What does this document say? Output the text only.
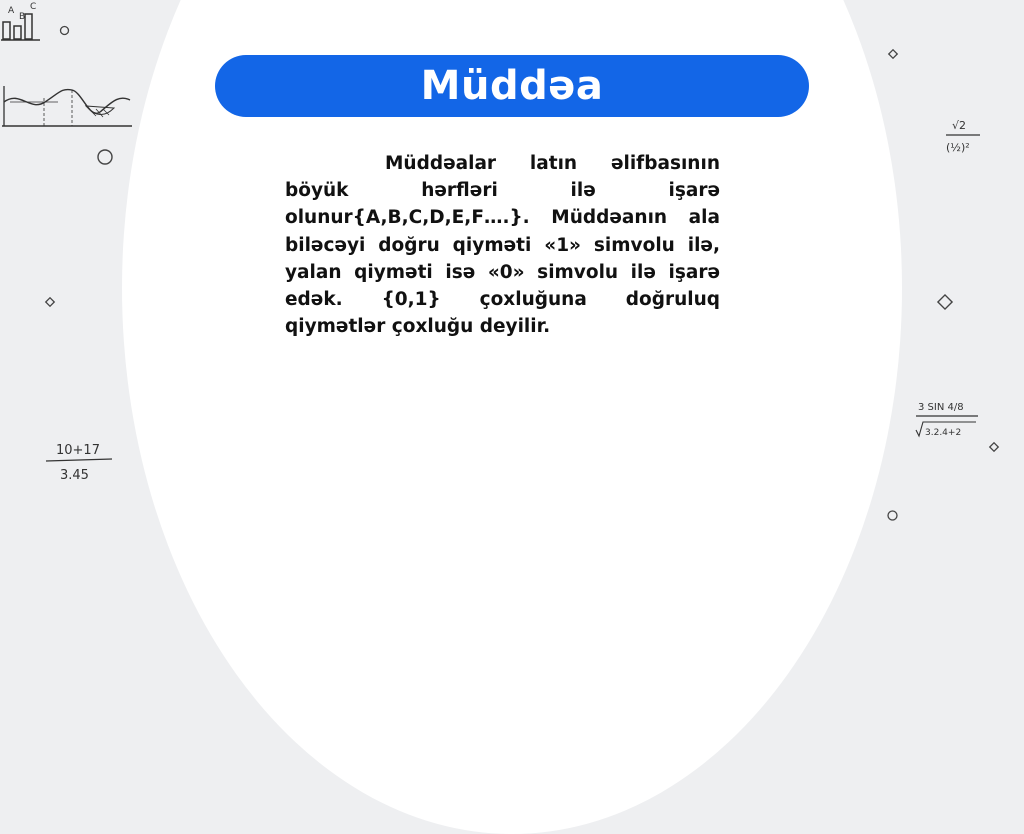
Müddəa
Müddəalar latın əlifbasının böyük hərfləri ilə işarə olunur{A,B,C,D,E,F….}. Müddəanın ala biləcəyi doğru qiymәti «1» simvolu ilə, yalan qiymәti isə «0» simvolu ilə işarə edək. {0,1} çoxluğuna doğruluq qiymətlər çoxluğu deyilir.
A
B
C
10+17
3.45
√2
(½)²
3 SIN 4/8
3.2.4+2
